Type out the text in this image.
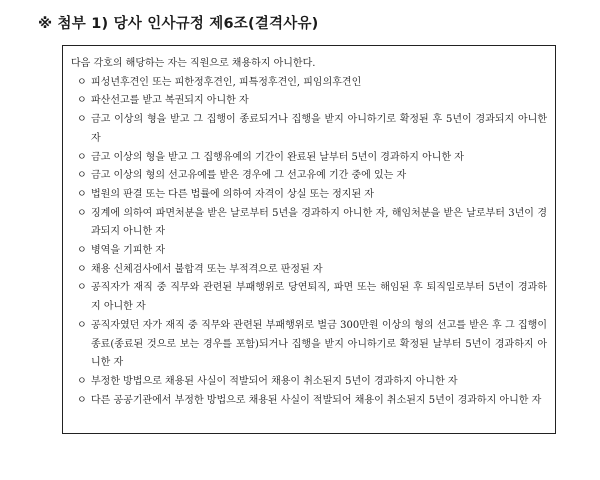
※ 첨부 1) 당사 인사규정 제6조(결격사유)
다음 각호의 해당하는 자는 직원으로 채용하지 아니한다.
ㅇ 피성년후견인 또는 피한정후견인, 피특정후견인, 피임의후견인
ㅇ 파산선고를 받고 복권되지 아니한 자
ㅇ 금고 이상의 형을 받고 그 집행이 종료되거나 집행을 받지 아니하기로 확정된 후 5년이 경과되지 아니한 자
ㅇ 금고 이상의 형을 받고 그 집행유예의 기간이 완료된 날부터 5년이 경과하지 아니한 자
ㅇ 금고 이상의 형의 선고유예를 받은 경우에 그 선고유예 기간 중에 있는 자
ㅇ 법원의 판결 또는 다른 법률에 의하여 자격이 상실 또는 정지된 자
ㅇ 징계에 의하여 파면처분을 받은 날로부터 5년을 경과하지 아니한 자, 해임처분을 받은 날로부터 3년이 경과되지 아니한 자
ㅇ 병역을 기피한 자
ㅇ 채용 신체검사에서 불합격 또는 부적격으로 판정된 자
ㅇ 공직자가 재직 중 직무와 관련된 부패행위로 당연퇴직, 파면 또는 해임된 후 퇴직일로부터 5년이 경과하지 아니한 자
ㅇ 공직자였던 자가 재직 중 직무와 관련된 부패행위로 벌금 300만원 이상의 형의 선고를 받은 후 그 집행이 종료(종료된 것으로 보는 경우를 포함)되거나 집행을 받지 아니하기로 확정된 날부터 5년이 경과하지 아니한 자
ㅇ 부정한 방법으로 채용된 사실이 적발되어 채용이 취소된지 5년이 경과하지 아니한 자
ㅇ 다른 공공기관에서 부정한 방법으로 채용된 사실이 적발되어 채용이 취소된지 5년이 경과하지 아니한 자
